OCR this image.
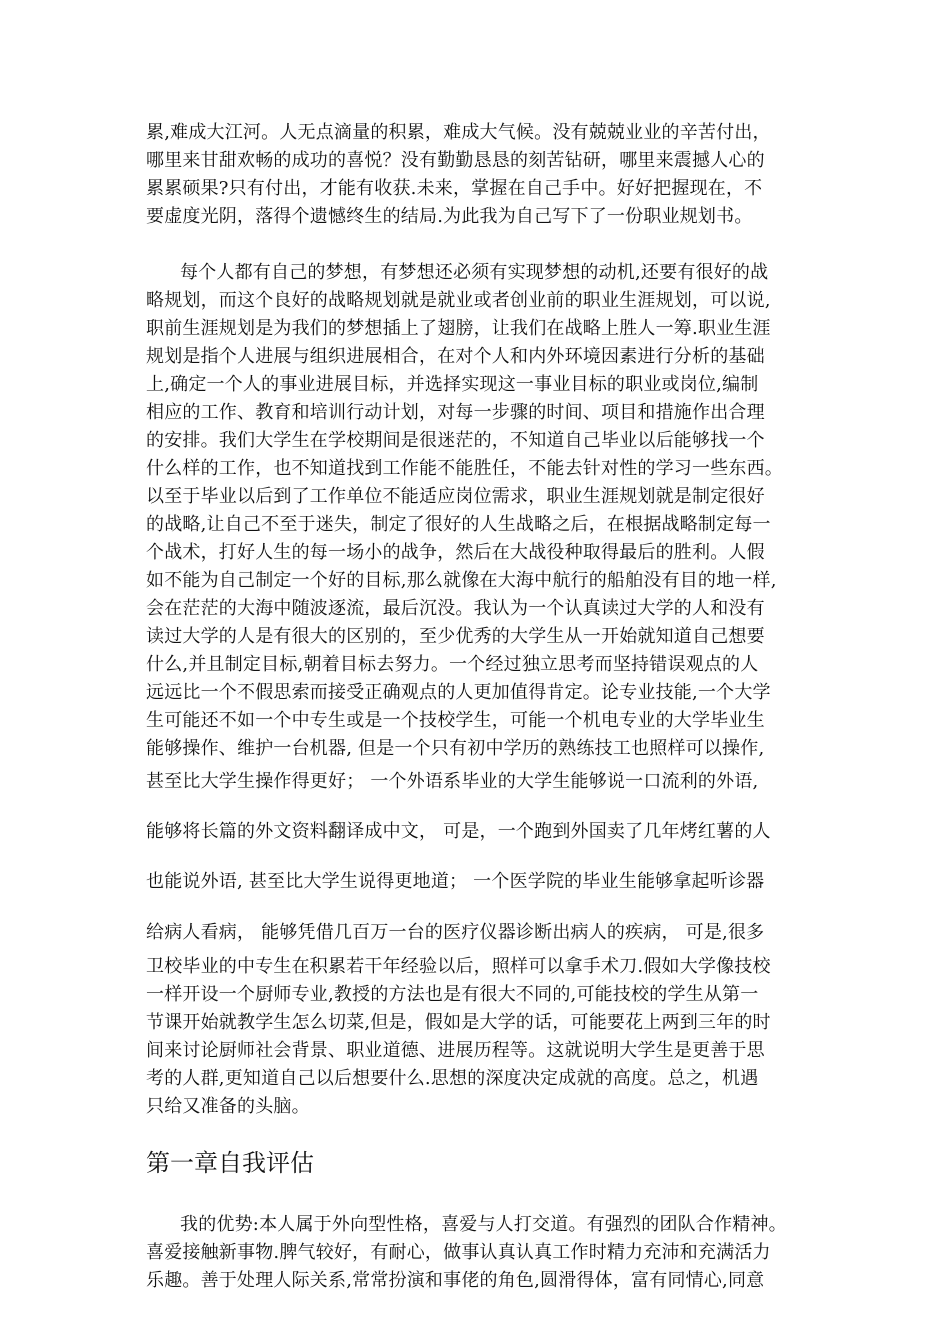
累,难成大江河。人无点滴量的积累，难成大气候。没有兢兢业业的辛苦付出，
哪里来甘甜欢畅的成功的喜悦？没有勤勤恳恳的刻苦钻研，哪里来震撼人心的
累累硕果?只有付出，才能有收获.未来，掌握在自己手中。好好把握现在，不
要虚度光阴，落得个遗憾终生的结局.为此我为自己写下了一份职业规划书。
每个人都有自己的梦想，有梦想还必须有实现梦想的动机,还要有很好的战
略规划，而这个良好的战略规划就是就业或者创业前的职业生涯规划，可以说,
职前生涯规划是为我们的梦想插上了翅膀，让我们在战略上胜人一筹.职业生涯
规划是指个人进展与组织进展相合，在对个人和内外环境因素进行分析的基础
上,确定一个人的事业进展目标，并选择实现这一事业目标的职业或岗位,编制
相应的工作、教育和培训行动计划，对每一步骤的时间、项目和措施作出合理
的安排。我们大学生在学校期间是很迷茫的，不知道自己毕业以后能够找一个
什么样的工作，也不知道找到工作能不能胜任，不能去针对性的学习一些东西。
以至于毕业以后到了工作单位不能适应岗位需求，职业生涯规划就是制定很好
的战略,让自己不至于迷失，制定了很好的人生战略之后，在根据战略制定每一
个战术，打好人生的每一场小的战争，然后在大战役种取得最后的胜利。人假
如不能为自己制定一个好的目标,那么就像在大海中航行的船舶没有目的地一样,
会在茫茫的大海中随波逐流，最后沉没。我认为一个认真读过大学的人和没有
读过大学的人是有很大的区别的，至少优秀的大学生从一开始就知道自己想要
什么,并且制定目标,朝着目标去努力。一个经过独立思考而坚持错误观点的人
远远比一个不假思索而接受正确观点的人更加值得肯定。论专业技能,一个大学
生可能还不如一个中专生或是一个技校学生，可能一个机电专业的大学毕业生
能够操作、维护一台机器, 但是一个只有初中学历的熟练技工也照样可以操作,
甚至比大学生操作得更好； 一个外语系毕业的大学生能够说一口流利的外语,
能够将长篇的外文资料翻译成中文， 可是，一个跑到外国卖了几年烤红薯的人
也能说外语, 甚至比大学生说得更地道； 一个医学院的毕业生能够拿起听诊器
给病人看病， 能够凭借几百万一台的医疗仪器诊断出病人的疾病， 可是,很多
卫校毕业的中专生在积累若干年经验以后，照样可以拿手术刀.假如大学像技校
一样开设一个厨师专业,教授的方法也是有很大不同的,可能技校的学生从第一
节课开始就教学生怎么切菜,但是，假如是大学的话，可能要花上两到三年的时
间来讨论厨师社会背景、职业道德、进展历程等。这就说明大学生是更善于思
考的人群,更知道自己以后想要什么.思想的深度决定成就的高度。总之，机遇
只给又准备的头脑。
第一章自我评估
我的优势:本人属于外向型性格，喜爱与人打交道。有强烈的团队合作精神。
喜爱接触新事物.脾气较好，有耐心，做事认真认真工作时精力充沛和充满活力
乐趣。善于处理人际关系,常常扮演和事佬的角色,圆滑得体，富有同情心,同意
